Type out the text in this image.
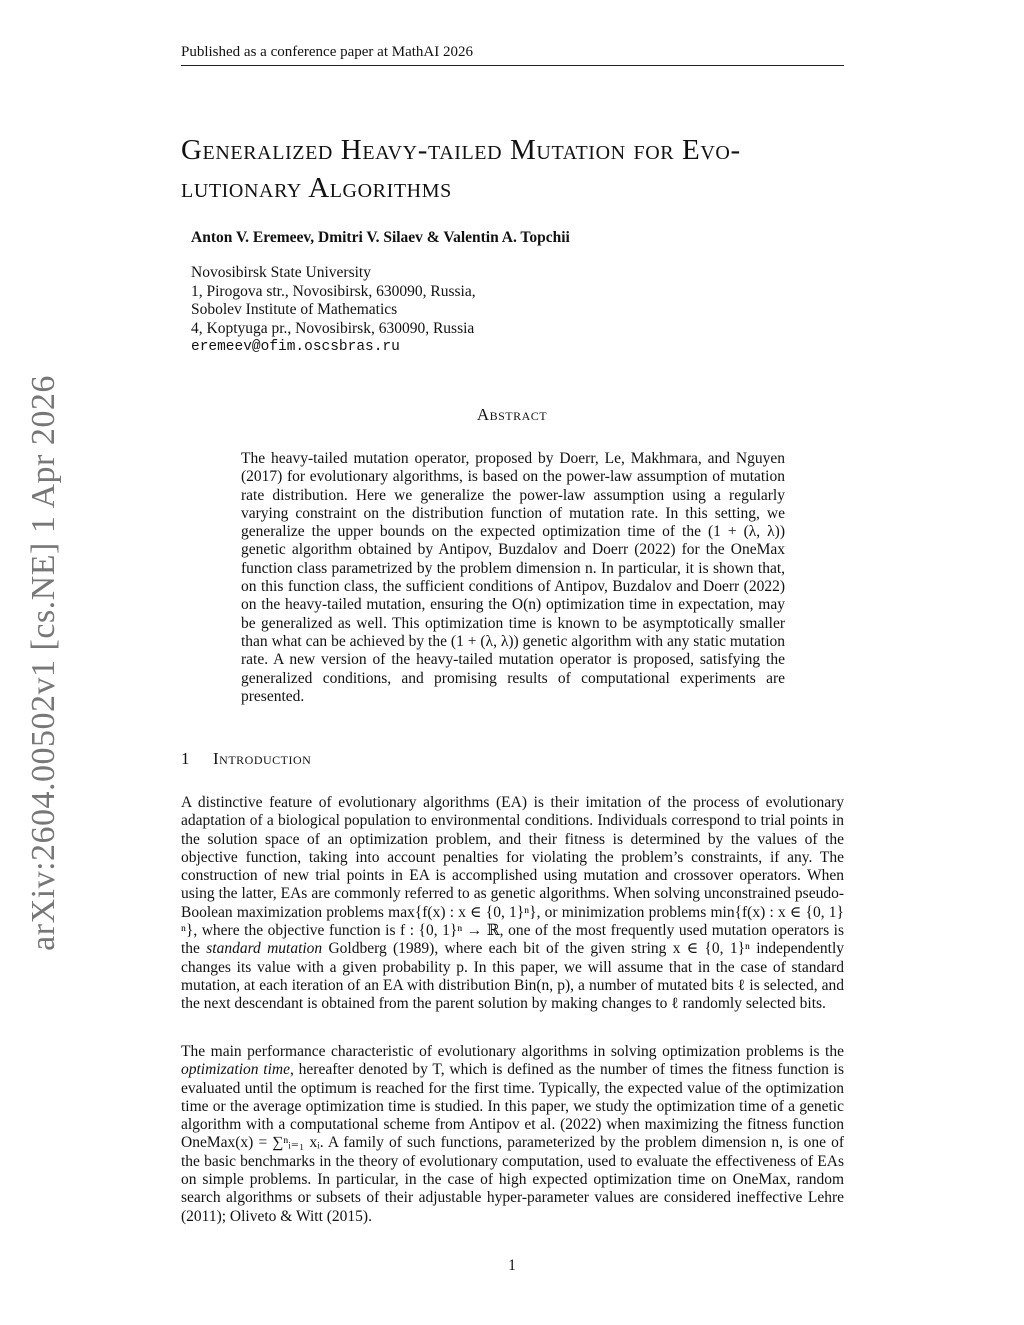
Published as a conference paper at MathAI 2026
Generalized Heavy-tailed Mutation for Evo-
lutionary Algorithms
Anton V. Eremeev, Dmitri V. Silaev & Valentin A. Topchii
Novosibirsk State University
1, Pirogova str., Novosibirsk, 630090, Russia,
Sobolev Institute of Mathematics
4, Koptyuga pr., Novosibirsk, 630090, Russia
eremeev@ofim.oscsbras.ru
Abstract
The heavy-tailed mutation operator, proposed by Doerr, Le, Makhmara, and Nguyen (2017) for evolutionary algorithms, is based on the power-law assumption of mutation rate distribution. Here we generalize the power-law assumption using a regularly varying constraint on the distribution function of mutation rate. In this setting, we generalize the upper bounds on the expected optimization time of the (1 + (λ, λ)) genetic algorithm obtained by Antipov, Buzdalov and Doerr (2022) for the OneMax function class parametrized by the problem dimension n. In particular, it is shown that, on this function class, the sufficient conditions of Antipov, Buzdalov and Doerr (2022) on the heavy-tailed mutation, ensuring the O(n) optimization time in expectation, may be generalized as well. This optimization time is known to be asymptotically smaller than what can be achieved by the (1 + (λ, λ)) genetic algorithm with any static mutation rate. A new version of the heavy-tailed mutation operator is proposed, satisfying the generalized conditions, and promising results of computational experiments are presented.
1 Introduction
A distinctive feature of evolutionary algorithms (EA) is their imitation of the process of evolutionary adaptation of a biological population to environmental conditions. Individuals correspond to trial points in the solution space of an optimization problem, and their fitness is determined by the values of the objective function, taking into account penalties for violating the problem’s constraints, if any. The construction of new trial points in EA is accomplished using mutation and crossover operators. When using the latter, EAs are commonly referred to as genetic algorithms. When solving unconstrained pseudo-Boolean maximization problems max{f(x) : x ∈ {0, 1}ⁿ}, or minimization problems min{f(x) : x ∈ {0, 1}ⁿ}, where the objective function is f : {0, 1}ⁿ → ℝ, one of the most frequently used mutation operators is the standard mutation Goldberg (1989), where each bit of the given string x ∈ {0, 1}ⁿ independently changes its value with a given probability p. In this paper, we will assume that in the case of standard mutation, at each iteration of an EA with distribution Bin(n, p), a number of mutated bits ℓ is selected, and the next descendant is obtained from the parent solution by making changes to ℓ randomly selected bits.
The main performance characteristic of evolutionary algorithms in solving optimization problems is the optimization time, hereafter denoted by T, which is defined as the number of times the fitness function is evaluated until the optimum is reached for the first time. Typically, the expected value of the optimization time or the average optimization time is studied. In this paper, we study the optimization time of a genetic algorithm with a computational scheme from Antipov et al. (2022) when maximizing the fitness function OneMax(x) = ∑ⁿᵢ₌₁ xᵢ. A family of such functions, parameterized by the problem dimension n, is one of the basic benchmarks in the theory of evolutionary computation, used to evaluate the effectiveness of EAs on simple problems. In particular, in the case of high expected optimization time on OneMax, random search algorithms or subsets of their adjustable hyper-parameter values are considered ineffective Lehre (2011); Oliveto & Witt (2015).
1
arXiv:2604.00502v1 [cs.NE] 1 Apr 2026
